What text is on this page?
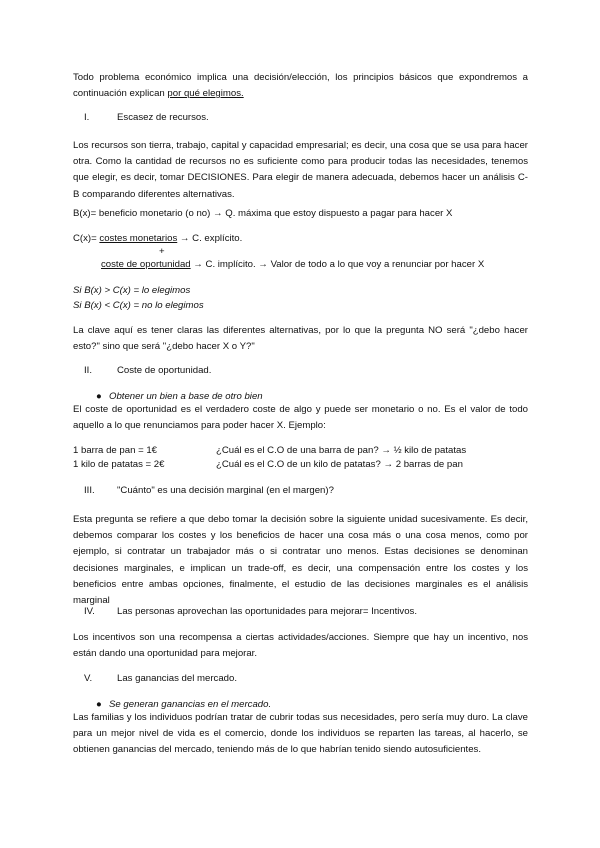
Todo problema económico implica una decisión/elección, los principios básicos que expondremos a continuación explican por qué elegimos.

I.	Escasez de recursos.

Los recursos son tierra, trabajo, capital y capacidad empresarial; es decir, una cosa que se usa para hacer otra. Como la cantidad de recursos no es suficiente como para producir todas las necesidades, tenemos que elegir, es decir, tomar DECISIONES. Para elegir de manera adecuada, debemos hacer un análisis C-B comparando diferentes alternativas.

B(x)= beneficio monetario (o no) → Q. máxima que estoy dispuesto a pagar para hacer X
C(x)= costes monetarios → C. explícito.
+
coste de oportunidad → C. implícito. → Valor de todo a lo que voy a renunciar por hacer X
Si B(x) > C(x) = lo elegimos
Si B(x) < C(x) = no lo elegimos

La clave aquí es tener claras las diferentes alternativas, por lo que la pregunta NO será "¿debo hacer esto?" sino que será "¿debo hacer X o Y?"

II.	Coste de oportunidad.
● Obtener un bien a base de otro bien

El coste de oportunidad es el verdadero coste de algo y puede ser monetario o no. Es el valor de todo aquello a lo que renunciamos para poder hacer X. Ejemplo:

1 barra de pan = 1€	¿Cuál es el C.O de una barra de pan? → ½ kilo de patatas
1 kilo de patatas = 2€	¿Cuál es el C.O de un kilo de patatas? → 2 barras de pan
III. "Cuánto" es una decisión marginal (en el margen)?

Esta pregunta se refiere a que debo tomar la decisión sobre la siguiente unidad sucesivamente. Es decir, debemos comparar los costes y los beneficios de hacer una cosa más o una cosa menos, como por ejemplo, si contratar un trabajador más o si contratar uno menos. Estas decisiones se denominan decisiones marginales, e implican un trade-off, es decir, una compensación entre los costes y los beneficios entre ambas opciones, finalmente, el estudio de las decisiones marginales es el análisis marginal

IV. Las personas aprovechan las oportunidades para mejorar= Incentivos.

Los incentivos son una recompensa a ciertas actividades/acciones. Siempre que hay un incentivo, nos están dando una oportunidad para mejorar.

V.	Las ganancias del mercado.
● Se generan ganancias en el mercado.

Las familias y los individuos podrían tratar de cubrir todas sus necesidades, pero sería muy duro. La clave para un mejor nivel de vida es el comercio, donde los individuos se reparten las tareas, al hacerlo, se obtienen ganancias del mercado, teniendo más de lo que habrían tenido siendo autosuficientes.
